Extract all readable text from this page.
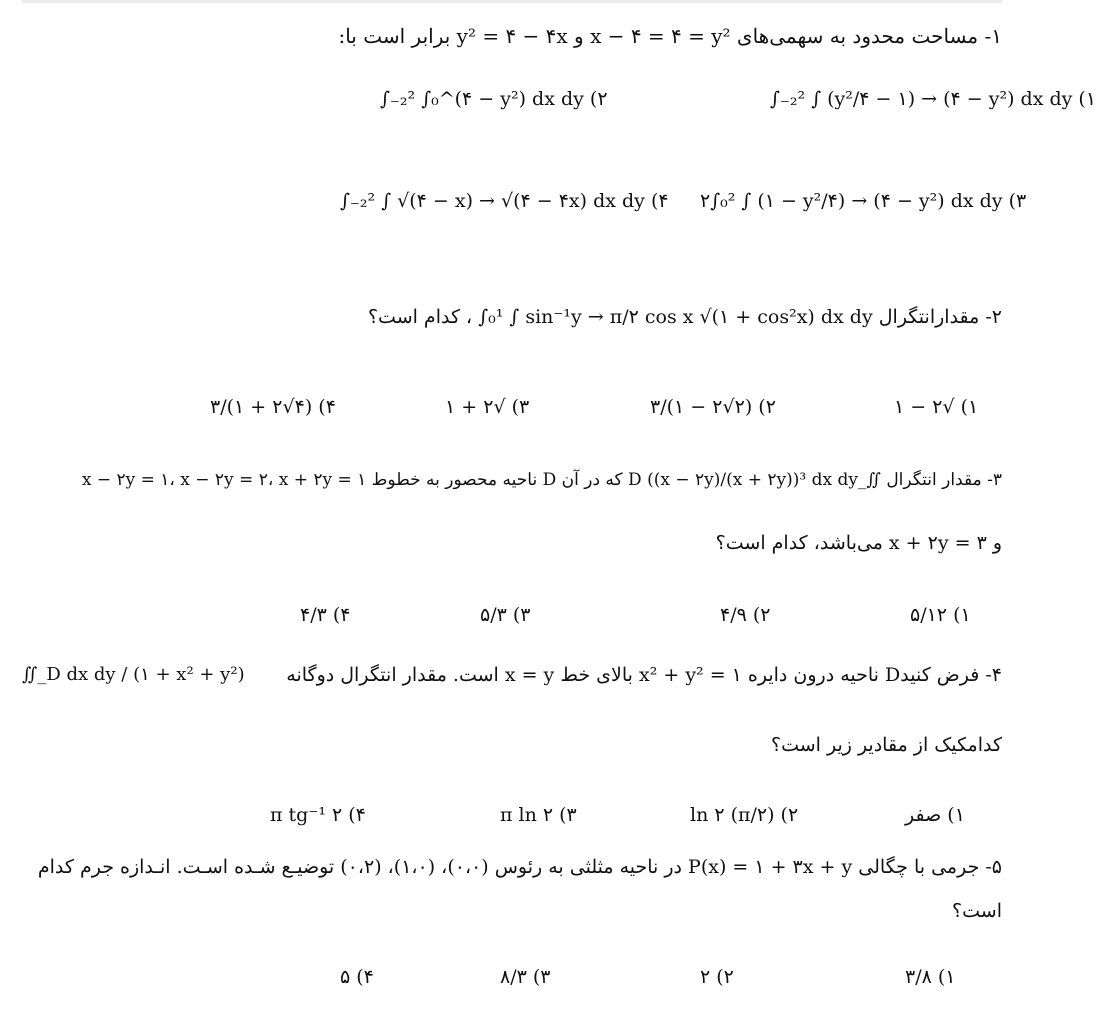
۱- مساحت محدود به سهمی‌های x − ۴ = ۴ = y² و y² = ۴ − ۴x برابر است با:
۱) ∫₋₂² ∫ (y²/۴ − ۱) → (۴ − y²) dx dy
۲) ∫₋₂² ∫₀^(۴ − y²) dx dy
۳) ۲∫₀² ∫ (۱ − y²/۴) → (۴ − y²) dx dy
۴) ∫₋₂² ∫ √(۴ − x) → √(۴ − ۴x) dx dy
۲- مقدارانتگرال ∫₀¹ ∫ sin⁻¹y → π/۲ cos x √(۱ + cos²x) dx dy ، کدام است؟
۱) √۲ − ۱
۲) (۲√۲ − ۱)/۳
۳) √۲ + ۱
۴) (۴√۲ + ۱)/۳
۳- مقدار انتگرال ∬_D ((x − ۲y)/(x + ۲y))³ dx dy که در آن D ناحیه محصور به خطوط x − ۲y = ۱، x − ۲y = ۲، x + ۲y = ۱
و x + ۲y = ۳ می‌باشد، کدام است؟
۱) ۵/۱۲
۲) ۴/۹
۳) ۵/۳
۴) ۴/۳
۴- فرض کنیدD ناحیه درون دایره x² + y² = ۱ بالای خط x = y است. مقدار انتگرال دوگانه
∬_D dx dy / (۱ + x² + y²)
کدامکیک از مقادیر زیر است؟
۱) صفر
۲) (π/۲) ln ۲
۳) π ln ۲
۴) π tg⁻¹ ۲
۵- جرمی با چگالی P(x) = ۱ + ۳x + y در ناحیه مثلثی به رئوس (۰،۰)، (۱،۰)، (۰،۲) توضیـع شـده اسـت. انـدازه جرم کدام
است؟
۱) ۳/۸
۲) ۲
۳) ۸/۳
۴) ۵
